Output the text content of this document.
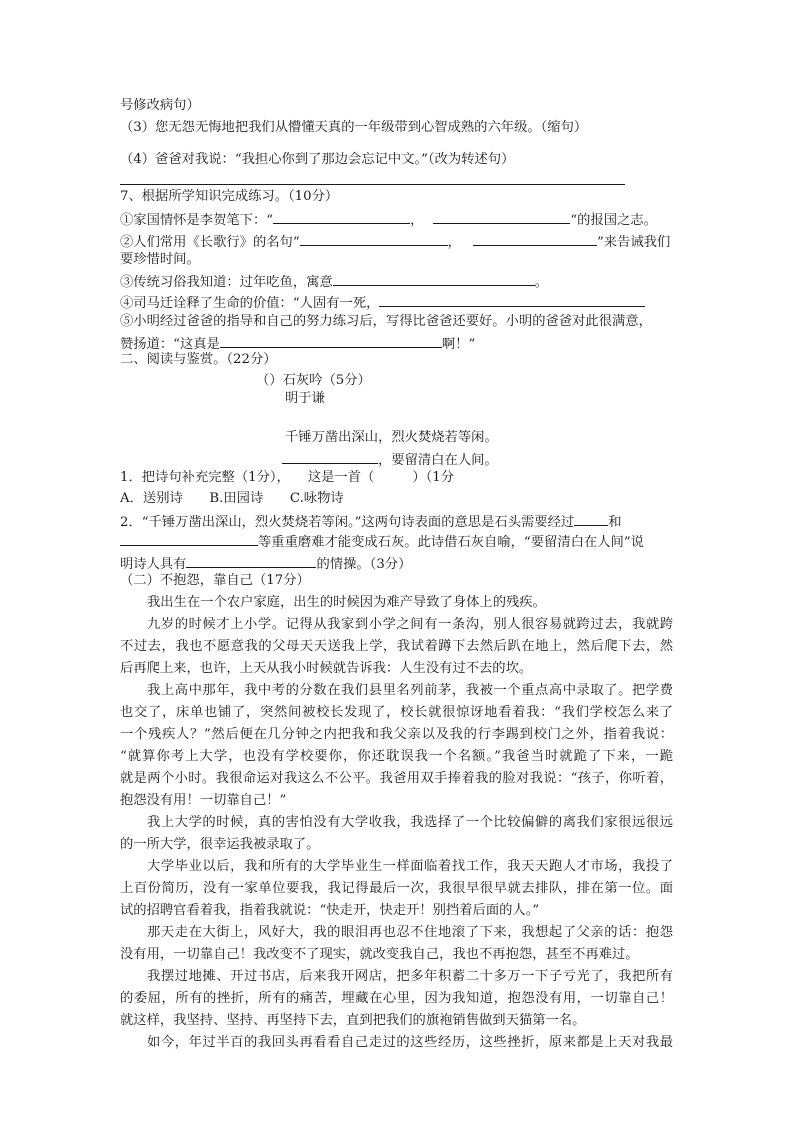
号修改病句）
（3）您无怨无悔地把我们从懵懂天真的一年级带到心智成熟的六年级。（缩句）
（4）爸爸对我说：“我担心你到了那边会忘记中文。”（改为转述句）
7、根据所学知识完成练习。（10分）
①家国情怀是李贺笔下：“	，	“的报国之志。
②人们常用《长歌行》的名句“	，	”来告诫我们
要珍惜时间。
③传统习俗我知道：过年吃鱼，寓意	。
④司马迁诠释了生命的价值：“人固有一死，
⑤小明经过爸爸的指导和自己的努力练习后，写得比爸爸还要好。小明的爸爸对此很满意，
赞扬道：“这真是	啊！”
二、阅读与鉴赏。（22分）
（）石灰吟（5分）
明于谦
千锤万凿出深山，烈火焚烧若等闲。
，要留清白在人间。
1．把诗句补充完整（1分）， 这是一首（	）（1分
A．送别诗　　B.田园诗　　C.咏物诗
2．“千锤万凿出深山，烈火焚烧若等闲。”这两句诗表面的意思是石头需要经过	和
等重重磨难才能变成石灰。此诗借石灰自喻，“要留清白在人间”说
明诗人具有	的情操。（3分）
（二）不抱怨，靠自己（17分）
我出生在一个农户家庭，出生的时候因为难产导致了身体上的残疾。
九岁的时候才上小学。记得从我家到小学之间有一条沟，别人很容易就跨过去，我就跨
不过去，我也不愿意我的父母天天送我上学，我试着蹲下去然后趴在地上，然后爬下去，然
后再爬上来，也许，上天从我小时候就告诉我：人生没有过不去的坎。
我上高中那年，我中考的分数在我们县里名列前茅，我被一个重点高中录取了。把学费
也交了，床单也铺了，突然间被校长发现了，校长就很惊讶地看着我：“我们学校怎么来了
一个残疾人？”然后便在几分钟之内把我和我父亲以及我的行李踢到校门之外，指着我说：
“就算你考上大学，也没有学校要你，你还耽误我一个名额。”我爸当时就跪了下来，一跪
就是两个小时。我很命运对我这么不公平。我爸用双手捧着我的脸对我说：“孩子，你听着，
抱怨没有用！一切靠自己！”
我上大学的时候，真的害怕没有大学收我，我选择了一个比较偏僻的离我们家很远很远
的一所大学，很幸运我被录取了。
大学毕业以后，我和所有的大学毕业生一样面临着找工作，我天天跑人才市场，我投了
上百份简历，没有一家单位要我，我记得最后一次，我很早很早就去排队，排在第一位。面
试的招聘官看着我，指着我就说：“快走开，快走开！别挡着后面的人。”
那天走在大街上，风好大，我的眼泪再也忍不住地滚了下来，我想起了父亲的话：抱怨
没有用，一切靠自己！我改变不了现实，就改变我自己，我也不再抱怨，甚至不再难过。
我摆过地摊、开过书店，后来我开网店，把多年积蓄二十多万一下子亏光了，我把所有
的委屈，所有的挫折，所有的痛苦，埋藏在心里，因为我知道，抱怨没有用，一切靠自己！
就这样，我坚持、坚持、再坚持下去，直到把我们的旗袍销售做到天猫第一名。
如今，年过半百的我回头再看看自己走过的这些经历，这些挫折，原来都是上天对我最
